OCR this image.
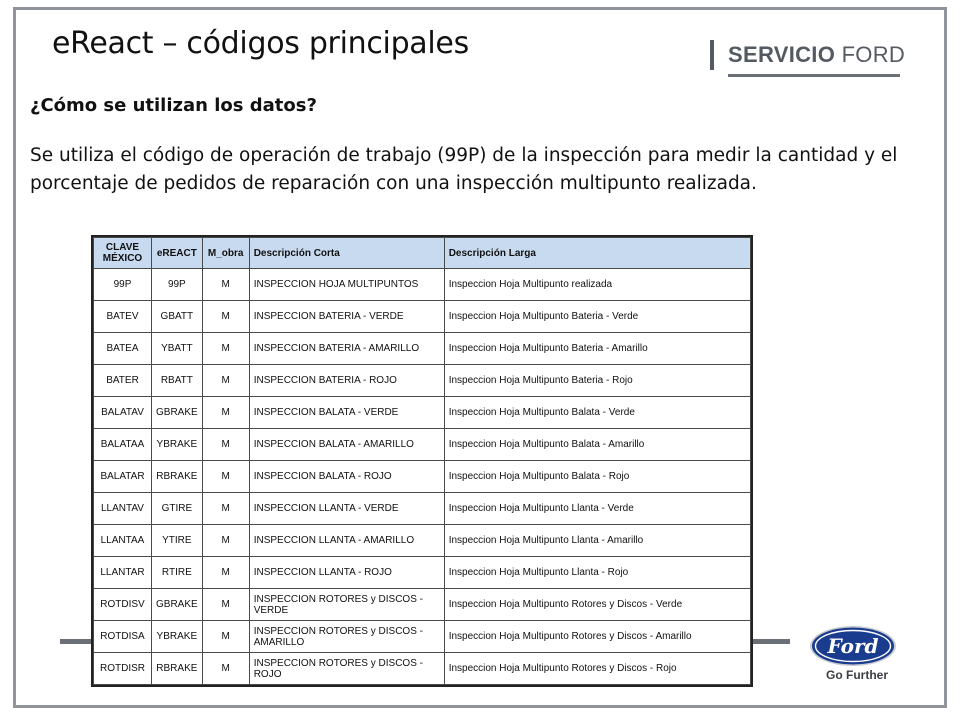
eReact – códigos principales	SERVICIO FORD
¿Cómo se utilizan los datos?
Se utiliza el código de operación de trabajo (99P) de la inspección para medir la cantidad y el porcentaje de pedidos de reparación con una inspección multipunto realizada.
CLAVE MÉXICO	eREACT	M_obra	Descripción Corta	Descripción Larga
99P	99P	M	INSPECCION HOJA MULTIPUNTOS	Inspeccion Hoja Multipunto realizada
BATEV	GBATT	M	INSPECCION BATERIA - VERDE	Inspeccion Hoja Multipunto Bateria - Verde
BATEA	YBATT	M	INSPECCION BATERIA - AMARILLO	Inspeccion Hoja Multipunto Bateria - Amarillo
BATER	RBATT	M	INSPECCION BATERIA - ROJO	Inspeccion Hoja Multipunto Bateria - Rojo
BALATAV	GBRAKE	M	INSPECCION BALATA - VERDE	Inspeccion Hoja Multipunto Balata - Verde
BALATAA	YBRAKE	M	INSPECCION BALATA - AMARILLO	Inspeccion Hoja Multipunto Balata - Amarillo
BALATAR	RBRAKE	M	INSPECCION BALATA - ROJO	Inspeccion Hoja Multipunto Balata - Rojo
LLANTAV	GTIRE	M	INSPECCION LLANTA - VERDE	Inspeccion Hoja Multipunto Llanta - Verde
LLANTAA	YTIRE	M	INSPECCION LLANTA - AMARILLO	Inspeccion Hoja Multipunto Llanta - Amarillo
LLANTAR	RTIRE	M	INSPECCION LLANTA - ROJO	Inspeccion Hoja Multipunto Llanta - Rojo
ROTDISV	GBRAKE	M	INSPECCION ROTORES y DISCOS - VERDE	Inspeccion Hoja Multipunto Rotores y Discos - Verde
ROTDISA	YBRAKE	M	INSPECCION ROTORES y DISCOS - AMARILLO	Inspeccion Hoja Multipunto Rotores y Discos - Amarillo
ROTDISR	RBRAKE	M	INSPECCION ROTORES y DISCOS - ROJO	Inspeccion Hoja Multipunto Rotores y Discos - Rojo
Ford
Go Further
